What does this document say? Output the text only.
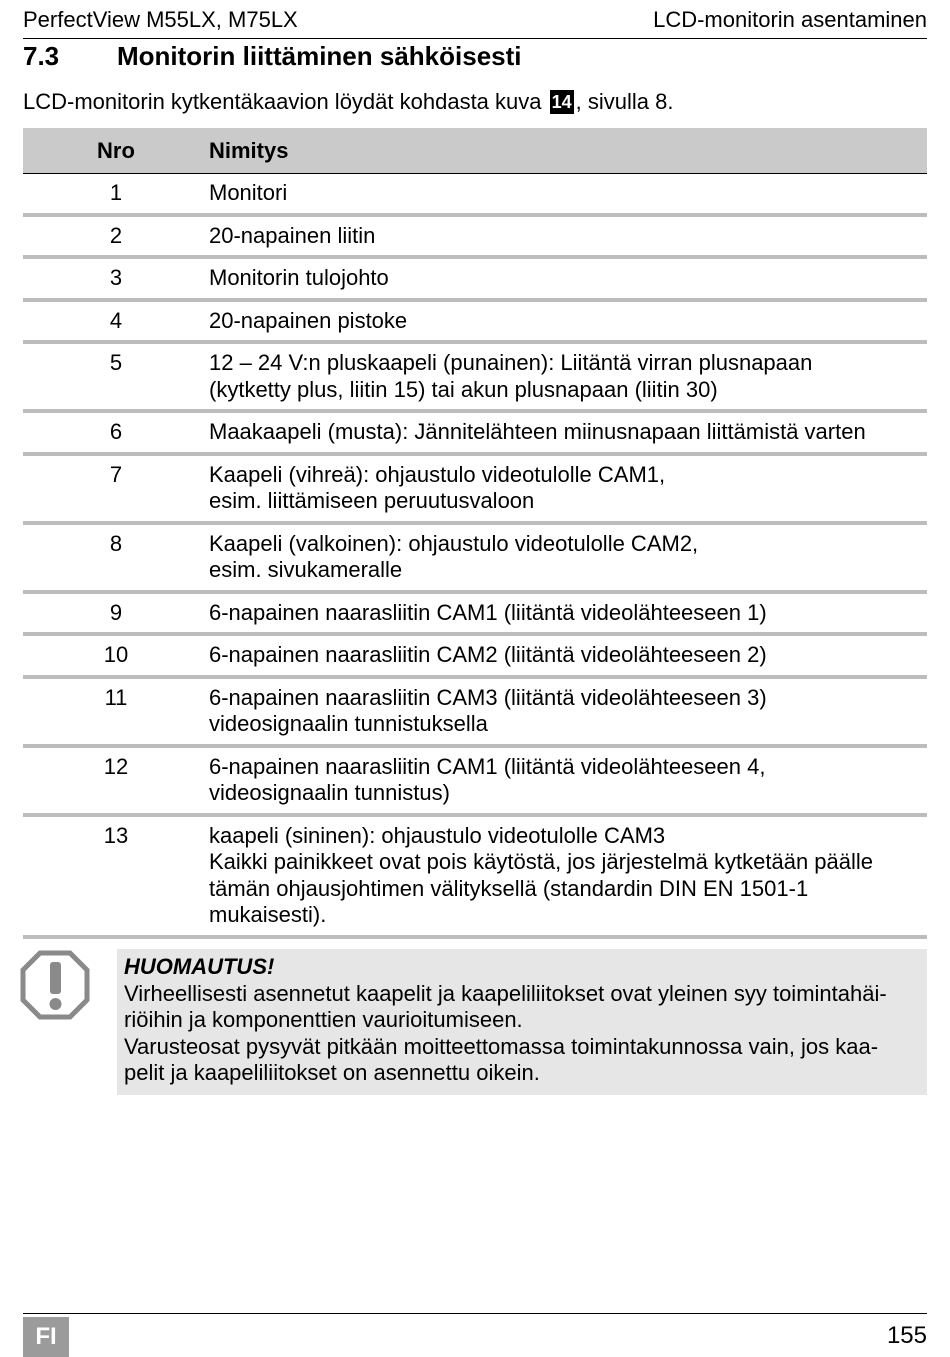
PerfectView M55LX, M75LX	LCD-monitorin asentaminen
7.3 Monitorin liittäminen sähköisesti
LCD-monitorin kytkentäkaavion löydät kohdasta kuva 14 , sivulla 8.
Nro	Nimitys
1	Monitori

2	20-napainen liitin

3	Monitorin tulojohto

4	20-napainen pistoke

5	12 – 24 V:n pluskaapeli (punainen): Liitäntä virran plusnapaan
(kytketty plus, liitin 15) tai akun plusnapaan (liitin 30)

6	Maakaapeli (musta): Jännitelähteen miinusnapaan liittämistä varten

7	Kaapeli (vihreä): ohjaustulo videotulolle CAM1,
esim. liittämiseen peruutusvaloon

8	Kaapeli (valkoinen): ohjaustulo videotulolle CAM2,
esim. sivukameralle

9	6-napainen naarasliitin CAM1 (liitäntä videolähteeseen 1)

10	6-napainen naarasliitin CAM2 (liitäntä videolähteeseen 2)

11	6-napainen naarasliitin CAM3 (liitäntä videolähteeseen 3)
videosignaalin tunnistuksella

12	6-napainen naarasliitin CAM1 (liitäntä videolähteeseen 4,
videosignaalin tunnistus)

13	kaapeli (sininen): ohjaustulo videotulolle CAM3
Kaikki painikkeet ovat pois käytöstä, jos järjestelmä kytketään päälle
tämän ohjausjohtimen välityksellä (standardin DIN EN 1501-1
mukaisesti).
HUOMAUTUS!
Virheellisesti asennetut kaapelit ja kaapeliliitokset ovat yleinen syy toimintahäi-
riöihin ja komponenttien vaurioitumiseen.
Varusteosat pysyvät pitkään moitteettomassa toimintakunnossa vain, jos kaa-
pelit ja kaapeliliitokset on asennettu oikein.
FI	155
